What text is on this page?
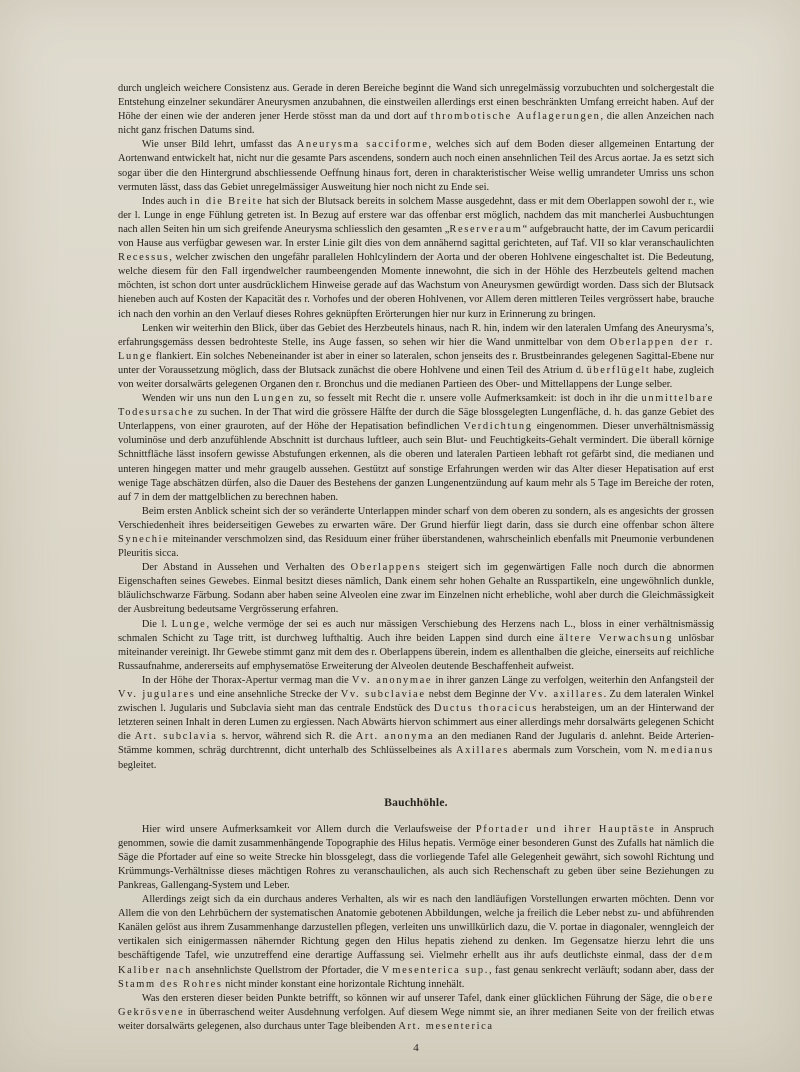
durch ungleich weichere Consistenz aus. Gerade in deren Bereiche beginnt die Wand sich unregelmässig vorzubuchten und solchergestalt die Entstehung einzelner sekundärer Aneurysmen anzubahnen, die einstweilen allerdings erst einen beschränkten Umfang erreicht haben. Auf der Höhe der einen wie der anderen jener Herde stösst man da und dort auf thrombotische Auflagerungen, die allen Anzeichen nach nicht ganz frischen Datums sind.

Wie unser Bild lehrt, umfasst das Aneurysma sacciforme, welches sich auf dem Boden dieser allgemeinen Entartung der Aortenwand entwickelt hat, nicht nur die gesamte Pars ascendens, sondern auch noch einen ansehnlichen Teil des Arcus aortae. Ja es setzt sich sogar über die den Hintergrund abschliessende Oeffnung hinaus fort, deren in charakteristischer Weise wellig umrandeter Umriss uns schon vermuten lässt, dass das Gebiet unregelmässiger Ausweitung hier noch nicht zu Ende sei.

Indes auch in die Breite hat sich der Blutsack bereits in solchem Masse ausgedehnt, dass er mit dem Oberlappen sowohl der r., wie der l. Lunge in enge Fühlung getreten ist. In Bezug auf erstere war das offenbar erst möglich, nachdem das mit mancherlei Ausbuchtungen nach allen Seiten hin um sich greifende Aneurysma schliesslich den gesamten „Reserveraum“ aufgebraucht hatte, der im Cavum pericardii von Hause aus verfügbar gewesen war. In erster Linie gilt dies von dem annähernd sagittal gerichteten, auf Taf. VII so klar veranschaulichten Recessus, welcher zwischen den ungefähr parallelen Hohlcylindern der Aorta und der oberen Hohlvene eingeschaltet ist. Die Bedeutung, welche diesem für den Fall irgendwelcher raumbeengenden Momente innewohnt, die sich in der Höhle des Herzbeutels geltend machen möchten, ist schon dort unter ausdrücklichem Hinweise gerade auf das Wachstum von Aneurysmen gewürdigt worden. Dass sich der Blutsack hieneben auch auf Kosten der Kapacität des r. Vorhofes und der oberen Hohlvenen, vor Allem deren mittleren Teiles vergrössert habe, brauche ich nach den vorhin an den Verlauf dieses Rohres geknüpften Erörterungen hier nur kurz in Erinnerung zu bringen.

Lenken wir weiterhin den Blick, über das Gebiet des Herzbeutels hinaus, nach R. hin, indem wir den lateralen Umfang des Aneurysma’s, erfahrungsgemäss dessen bedrohteste Stelle, ins Auge fassen, so sehen wir hier die Wand unmittelbar von dem Oberlappen der r. Lunge flankiert. Ein solches Nebeneinander ist aber in einer so lateralen, schon jenseits des r. Brustbeinrandes gelegenen Sagittal-Ebene nur unter der Voraussetzung möglich, dass der Blutsack zunächst die obere Hohlvene und einen Teil des Atrium d. überflügelt habe, zugleich von weiter dorsalwärts gelegenen Organen den r. Bronchus und die medianen Partieen des Ober- und Mittellappens der Lunge selber.

Wenden wir uns nun den Lungen zu, so fesselt mit Recht die r. unsere volle Aufmerksamkeit: ist doch in ihr die unmittelbare Todesursache zu suchen. In der That wird die grössere Hälfte der durch die Säge blossgelegten Lungenfläche, d. h. das ganze Gebiet des Unterlappens, von einer grauroten, auf der Höhe der Hepatisation befindlichen Verdichtung eingenommen. Dieser unverhältnismässig voluminöse und derb anzufühlende Abschnitt ist durchaus luftleer, auch sein Blut- und Feuchtigkeits-Gehalt vermindert. Die überall körnige Schnittfläche lässt insofern gewisse Abstufungen erkennen, als die oberen und lateralen Partieen lebhaft rot gefärbt sind, die medianen und unteren hingegen matter und mehr graugelb aussehen. Gestützt auf sonstige Erfahrungen werden wir das Alter dieser Hepatisation auf erst wenige Tage abschätzen dürfen, also die Dauer des Bestehens der ganzen Lungenentzündung auf kaum mehr als 5 Tage im Bereiche der roten, auf 7 in dem der mattgelblichen zu berechnen haben.

Beim ersten Anblick scheint sich der so veränderte Unterlappen minder scharf von dem oberen zu sondern, als es angesichts der grossen Verschiedenheit ihres beiderseitigen Gewebes zu erwarten wäre. Der Grund hierfür liegt darin, dass sie durch eine offenbar schon ältere Synechie miteinander verschmolzen sind, das Residuum einer früher überstandenen, wahrscheinlich ebenfalls mit Pneumonie verbundenen Pleuritis sicca.

Der Abstand in Aussehen und Verhalten des Oberlappens steigert sich im gegenwärtigen Falle noch durch die abnormen Eigenschaften seines Gewebes. Einmal besitzt dieses nämlich, Dank einem sehr hohen Gehalte an Russpartikeln, eine ungewöhnlich dunkle, bläulichschwarze Färbung. Sodann aber haben seine Alveolen eine zwar im Einzelnen nicht erhebliche, wohl aber durch die Gleichmässigkeit der Ausbreitung bedeutsame Vergrösserung erfahren.

Die l. Lunge, welche vermöge der sei es auch nur mässigen Verschiebung des Herzens nach L., bloss in einer verhältnismässig schmalen Schicht zu Tage tritt, ist durchweg lufthaltig. Auch ihre beiden Lappen sind durch eine ältere Verwachsung unlösbar miteinander vereinigt. Ihr Gewebe stimmt ganz mit dem des r. Oberlappens überein, indem es allenthalben die gleiche, einerseits auf reichliche Russaufnahme, andererseits auf emphysematöse Erweiterung der Alveolen deutende Beschaffenheit aufweist.

In der Höhe der Thorax-Apertur vermag man die Vv. anonymae in ihrer ganzen Länge zu verfolgen, weiterhin den Anfangsteil der Vv. jugulares und eine ansehnliche Strecke der Vv. subclaviae nebst dem Beginne der Vv. axillares. Zu dem lateralen Winkel zwischen l. Jugularis und Subclavia sieht man das centrale Endstück des Ductus thoracicus herabsteigen, um an der Hinterwand der letzteren seinen Inhalt in deren Lumen zu ergiessen. Nach Abwärts hiervon schimmert aus einer allerdings mehr dorsalwärts gelegenen Schicht die Art. subclavia s. hervor, während sich R. die Art. anonyma an den medianen Rand der Jugularis d. anlehnt. Beide Arterien-Stämme kommen, schräg durchtrennt, dicht unterhalb des Schlüsselbeines als Axillares abermals zum Vorschein, vom N. medianus begleitet.

Bauchhöhle.

Hier wird unsere Aufmerksamkeit vor Allem durch die Verlaufsweise der Pfortader und ihrer Hauptäste in Anspruch genommen, sowie die damit zusammenhängende Topographie des Hilus hepatis. Vermöge einer besonderen Gunst des Zufalls hat nämlich die Säge die Pfortader auf eine so weite Strecke hin blossgelegt, dass die vorliegende Tafel alle Gelegenheit gewährt, sich sowohl Richtung und Krümmungs-Verhältnisse dieses mächtigen Rohres zu veranschaulichen, als auch sich Rechenschaft zu geben über seine Beziehungen zu Pankreas, Gallengang-System und Leber.

Allerdings zeigt sich da ein durchaus anderes Verhalten, als wir es nach den landläufigen Vorstellungen erwarten möchten. Denn vor Allem die von den Lehrbüchern der systematischen Anatomie gebotenen Abbildungen, welche ja freilich die Leber nebst zu- und abführenden Kanälen gelöst aus ihrem Zusammenhange darzustellen pflegen, verleiten uns unwillkürlich dazu, die V. portae in diagonaler, wenngleich der vertikalen sich einigermassen nähernder Richtung gegen den Hilus hepatis ziehend zu denken. Im Gegensatze hierzu lehrt die uns beschäftigende Tafel, wie unzutreffend eine derartige Auffassung sei. Vielmehr erhellt aus ihr aufs deutlichste einmal, dass der dem Kaliber nach ansehnlichste Quellstrom der Pfortader, die V mesenterica sup., fast genau senkrecht verläuft; sodann aber, dass der Stamm des Rohres nicht minder konstant eine horizontale Richtung innehält.

Was den ersteren dieser beiden Punkte betrifft, so können wir auf unserer Tafel, dank einer glücklichen Führung der Säge, die obere Gekrösvene in überraschend weiter Ausdehnung verfolgen. Auf diesem Wege nimmt sie, an ihrer medianen Seite von der freilich etwas weiter dorsalwärts gelegenen, also durchaus unter Tage bleibenden Art. mesenterica

4
